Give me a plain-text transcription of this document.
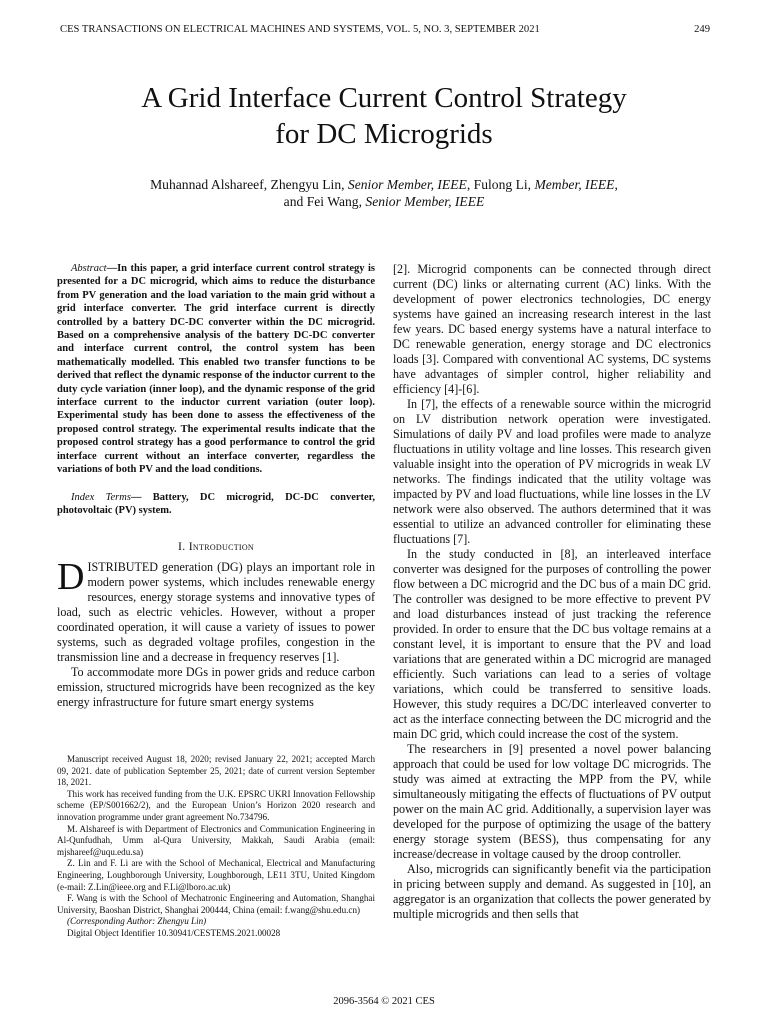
CES TRANSACTIONS ON ELECTRICAL MACHINES AND SYSTEMS, VOL. 5, NO. 3, SEPTEMBER 2021	249
A Grid Interface Current Control Strategy
for DC Microgrids
Muhannad Alshareef, Zhengyu Lin, Senior Member, IEEE, Fulong Li, Member, IEEE,
and Fei Wang, Senior Member, IEEE

Abstract—In this paper, a grid interface current control strategy is presented for a DC microgrid, which aims to reduce the disturbance from PV generation and the load variation to the main grid without a grid interface converter. The grid interface current is directly controlled by a battery DC-DC converter within the DC microgrid. Based on a comprehensive analysis of the battery DC-DC converter and interface current control, the control system has been mathematically modelled. This enabled two transfer functions to be derived that reflect the dynamic response of the inductor current to the duty cycle variation (inner loop), and the dynamic response of the grid interface current to the inductor current variation (outer loop). Experimental study has been done to assess the effectiveness of the proposed control strategy. The experimental results indicate that the proposed control strategy has a good performance to control the grid interface current without an interface converter, regardless the variations of both PV and the load conditions.

Index Terms— Battery, DC microgrid, DC-DC converter, photovoltaic (PV) system.

I. Introduction

DISTRIBUTED generation (DG) plays an important role in modern power systems, which includes renewable energy resources, energy storage systems and innovative types of load, such as electric vehicles. However, without a proper coordinated operation, it will cause a variety of issues to power systems, such as degraded voltage profiles, congestion in the transmission line and a decrease in frequency reserves [1].

To accommodate more DGs in power grids and reduce carbon emission, structured microgrids have been recognized as the key energy infrastructure for future smart energy systems

Manuscript received August 18, 2020; revised January 22, 2021; accepted March 09, 2021. date of publication September 25, 2021; date of current version September 18, 2021.

This work has received funding from the U.K. EPSRC UKRI Innovation Fellowship scheme (EP/S001662/2), and the European Union’s Horizon 2020 research and innovation programme under grant agreement No.734796.

M. Alshareef is with Department of Electronics and Communication Engineering in Al-Qunfudhah, Umm al-Qura University, Makkah, Saudi Arabia (email: mjshareef@uqu.edu.sa)

Z. Lin and F. Li are with the School of Mechanical, Electrical and Manufacturing Engineering, Loughborough University, Loughborough, LE11 3TU, United Kingdom (e-mail: Z.Lin@ieee.org and F.Li@lboro.ac.uk)

F. Wang is with the School of Mechatronic Engineering and Automation, Shanghai University, Baoshan District, Shanghai 200444, China (email: f.wang@shu.edu.cn)

(Corresponding Author: Zhengyu Lin)

Digital Object Identifier 10.30941/CESTEMS.2021.00028

[2]. Microgrid components can be connected through direct current (DC) links or alternating current (AC) links. With the development of power electronics technologies, DC energy systems have gained an increasing research interest in the last few years. DC based energy systems have a natural interface to DC renewable generation, energy storage and DC electronics loads [3]. Compared with conventional AC systems, DC systems have advantages of simpler control, higher reliability and efficiency [4]-[6].

In [7], the effects of a renewable source within the microgrid on LV distribution network operation were investigated. Simulations of daily PV and load profiles were made to analyze fluctuations in utility voltage and line losses. This research given valuable insight into the operation of PV microgrids in weak LV networks. The findings indicated that the utility voltage was impacted by PV and load fluctuations, while line losses in the LV network were also observed. The authors determined that it was essential to utilize an advanced controller for eliminating these fluctuations [7].

In the study conducted in [8], an interleaved interface converter was designed for the purposes of controlling the power flow between a DC microgrid and the DC bus of a main DC grid. The controller was designed to be more effective to prevent PV and load disturbances instead of just tracking the reference provided. In order to ensure that the DC bus voltage remains at a constant level, it is important to ensure that the PV and load variations that are generated within a DC microgrid are managed efficiently. Such variations can lead to a series of voltage variations, which could be transferred to sensitive loads. However, this study requires a DC/DC interleaved converter to act as the interface connecting between the DC microgrid and the main DC grid, which could increase the cost of the system.

The researchers in [9] presented a novel power balancing approach that could be used for low voltage DC microgrids. The study was aimed at extracting the MPP from the PV, while simultaneously mitigating the effects of fluctuations of PV output power on the main AC grid. Additionally, a supervision layer was developed for the purpose of optimizing the usage of the battery energy storage system (BESS), thus compensating for any increase/decrease in voltage caused by the droop controller.

Also, microgrids can significantly benefit via the participation in pricing between supply and demand. As suggested in [10], an aggregator is an organization that collects the power generated by multiple microgrids and then sells that

2096-3564 © 2021 CES
